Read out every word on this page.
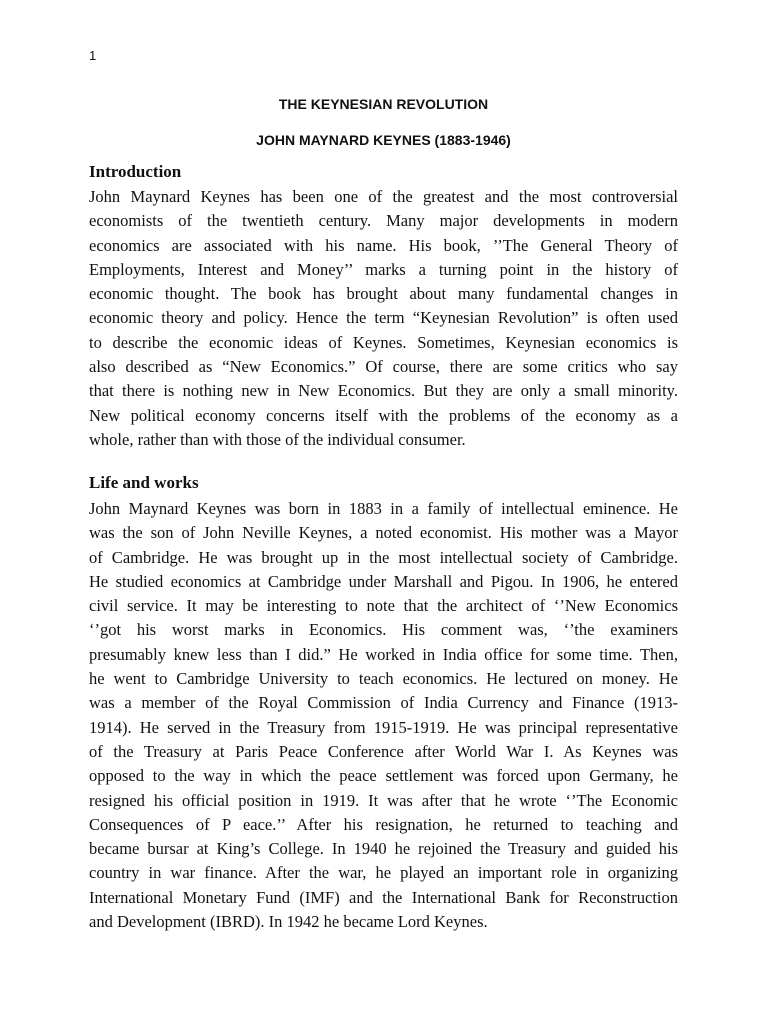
1
THE KEYNESIAN REVOLUTION
JOHN MAYNARD KEYNES (1883-1946)
Introduction
John Maynard Keynes has been one of the greatest and the most controversial
economists of the twentieth century. Many major developments in modern
economics are associated with his name. His book, ’’The General Theory of
Employments, Interest and Money’’ marks a turning point in the history of
economic thought. The book has brought about many fundamental changes in
economic theory and policy. Hence the term “Keynesian Revolution” is often used
to describe the economic ideas of Keynes. Sometimes, Keynesian economics is
also described as “New Economics.” Of course, there are some critics who say
that there is nothing new in New Economics. But they are only a small minority.
New political economy concerns itself with the problems of the economy as a
whole, rather than with those of the individual consumer.
Life and works
John Maynard Keynes was born in 1883 in a family of intellectual eminence. He
was the son of John Neville Keynes, a noted economist. His mother was a Mayor
of Cambridge. He was brought up in the most intellectual society of Cambridge.
He studied economics at Cambridge under Marshall and Pigou. In 1906, he entered
civil service. It may be interesting to note that the architect of ‘’New Economics
‘’got his worst marks in Economics. His comment was, ‘’the examiners
presumably knew less than I did.” He worked in India office for some time. Then,
he went to Cambridge University to teach economics. He lectured on money. He
was a member of the Royal Commission of India Currency and Finance (1913-
1914). He served in the Treasury from 1915-1919. He was principal representative
of the Treasury at Paris Peace Conference after World War I. As Keynes was
opposed to the way in which the peace settlement was forced upon Germany, he
resigned his official position in 1919. It was after that he wrote ‘’The Economic
Consequences of P eace.’’ After his resignation, he returned to teaching and
became bursar at King’s College. In 1940 he rejoined the Treasury and guided his
country in war finance. After the war, he played an important role in organizing
International Monetary Fund (IMF) and the International Bank for Reconstruction
and Development (IBRD). In 1942 he became Lord Keynes.
